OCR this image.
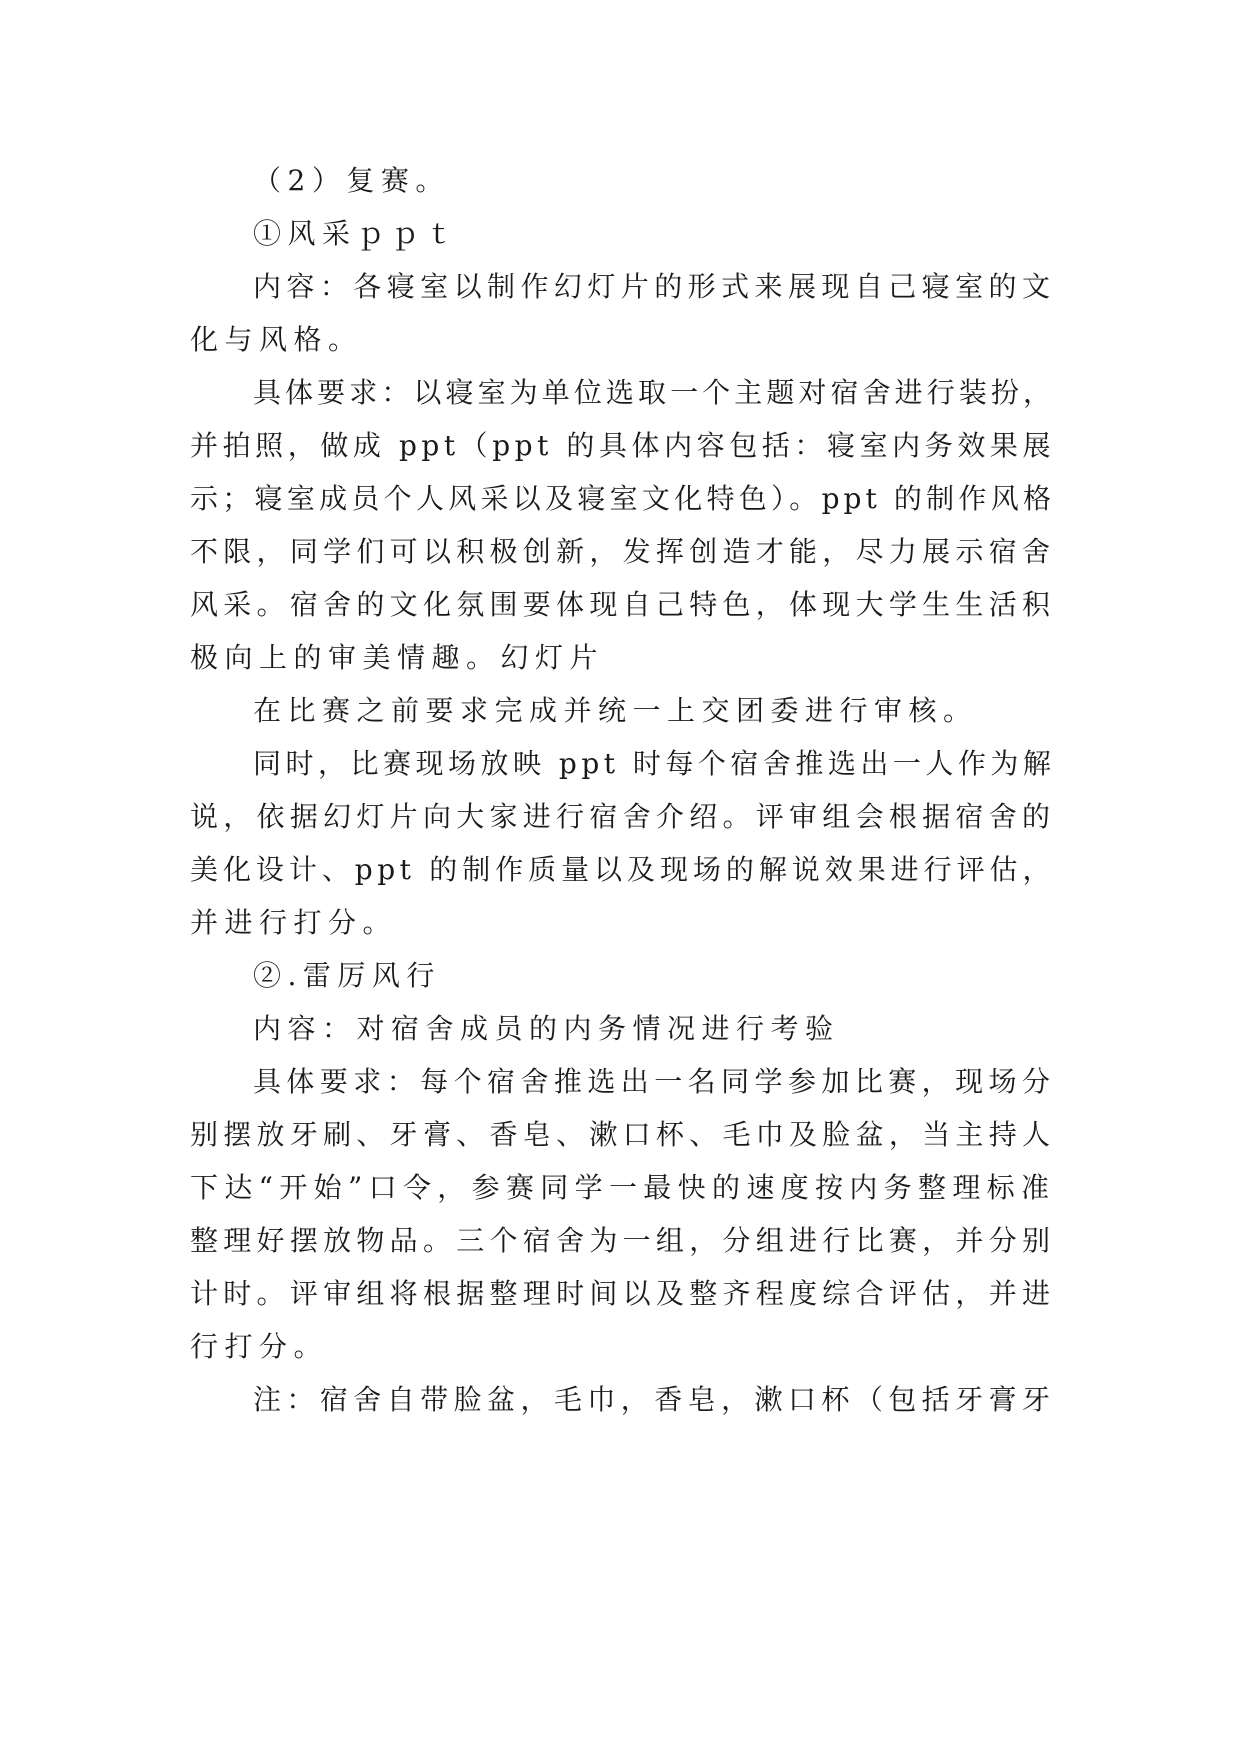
（2）复赛。
①风采ｐｐｔ
内容：各寝室以制作幻灯片的形式来展现自己寝室的文
化与风格。
具体要求：以寝室为单位选取一个主题对宿舍进行装扮，
并拍照，做成 ppt（ppt 的具体内容包括：寝室内务效果展
示；寝室成员个人风采以及寝室文化特色）。ppt 的制作风格
不限，同学们可以积极创新，发挥创造才能，尽力展示宿舍
风采。宿舍的文化氛围要体现自己特色，体现大学生生活积
极向上的审美情趣。幻灯片
在比赛之前要求完成并统一上交团委进行审核。
同时，比赛现场放映 ppt 时每个宿舍推选出一人作为解
说，依据幻灯片向大家进行宿舍介绍。评审组会根据宿舍的
美化设计、ppt 的制作质量以及现场的解说效果进行评估，
并进行打分。
②.雷厉风行
内容：对宿舍成员的内务情况进行考验
具体要求：每个宿舍推选出一名同学参加比赛，现场分
别摆放牙刷、牙膏、香皂、漱口杯、毛巾及脸盆，当主持人
下达“开始”口令，参赛同学一最快的速度按内务整理标准
整理好摆放物品。三个宿舍为一组，分组进行比赛，并分别
计时。评审组将根据整理时间以及整齐程度综合评估，并进
行打分。
注：宿舍自带脸盆，毛巾，香皂，漱口杯（包括牙膏牙
